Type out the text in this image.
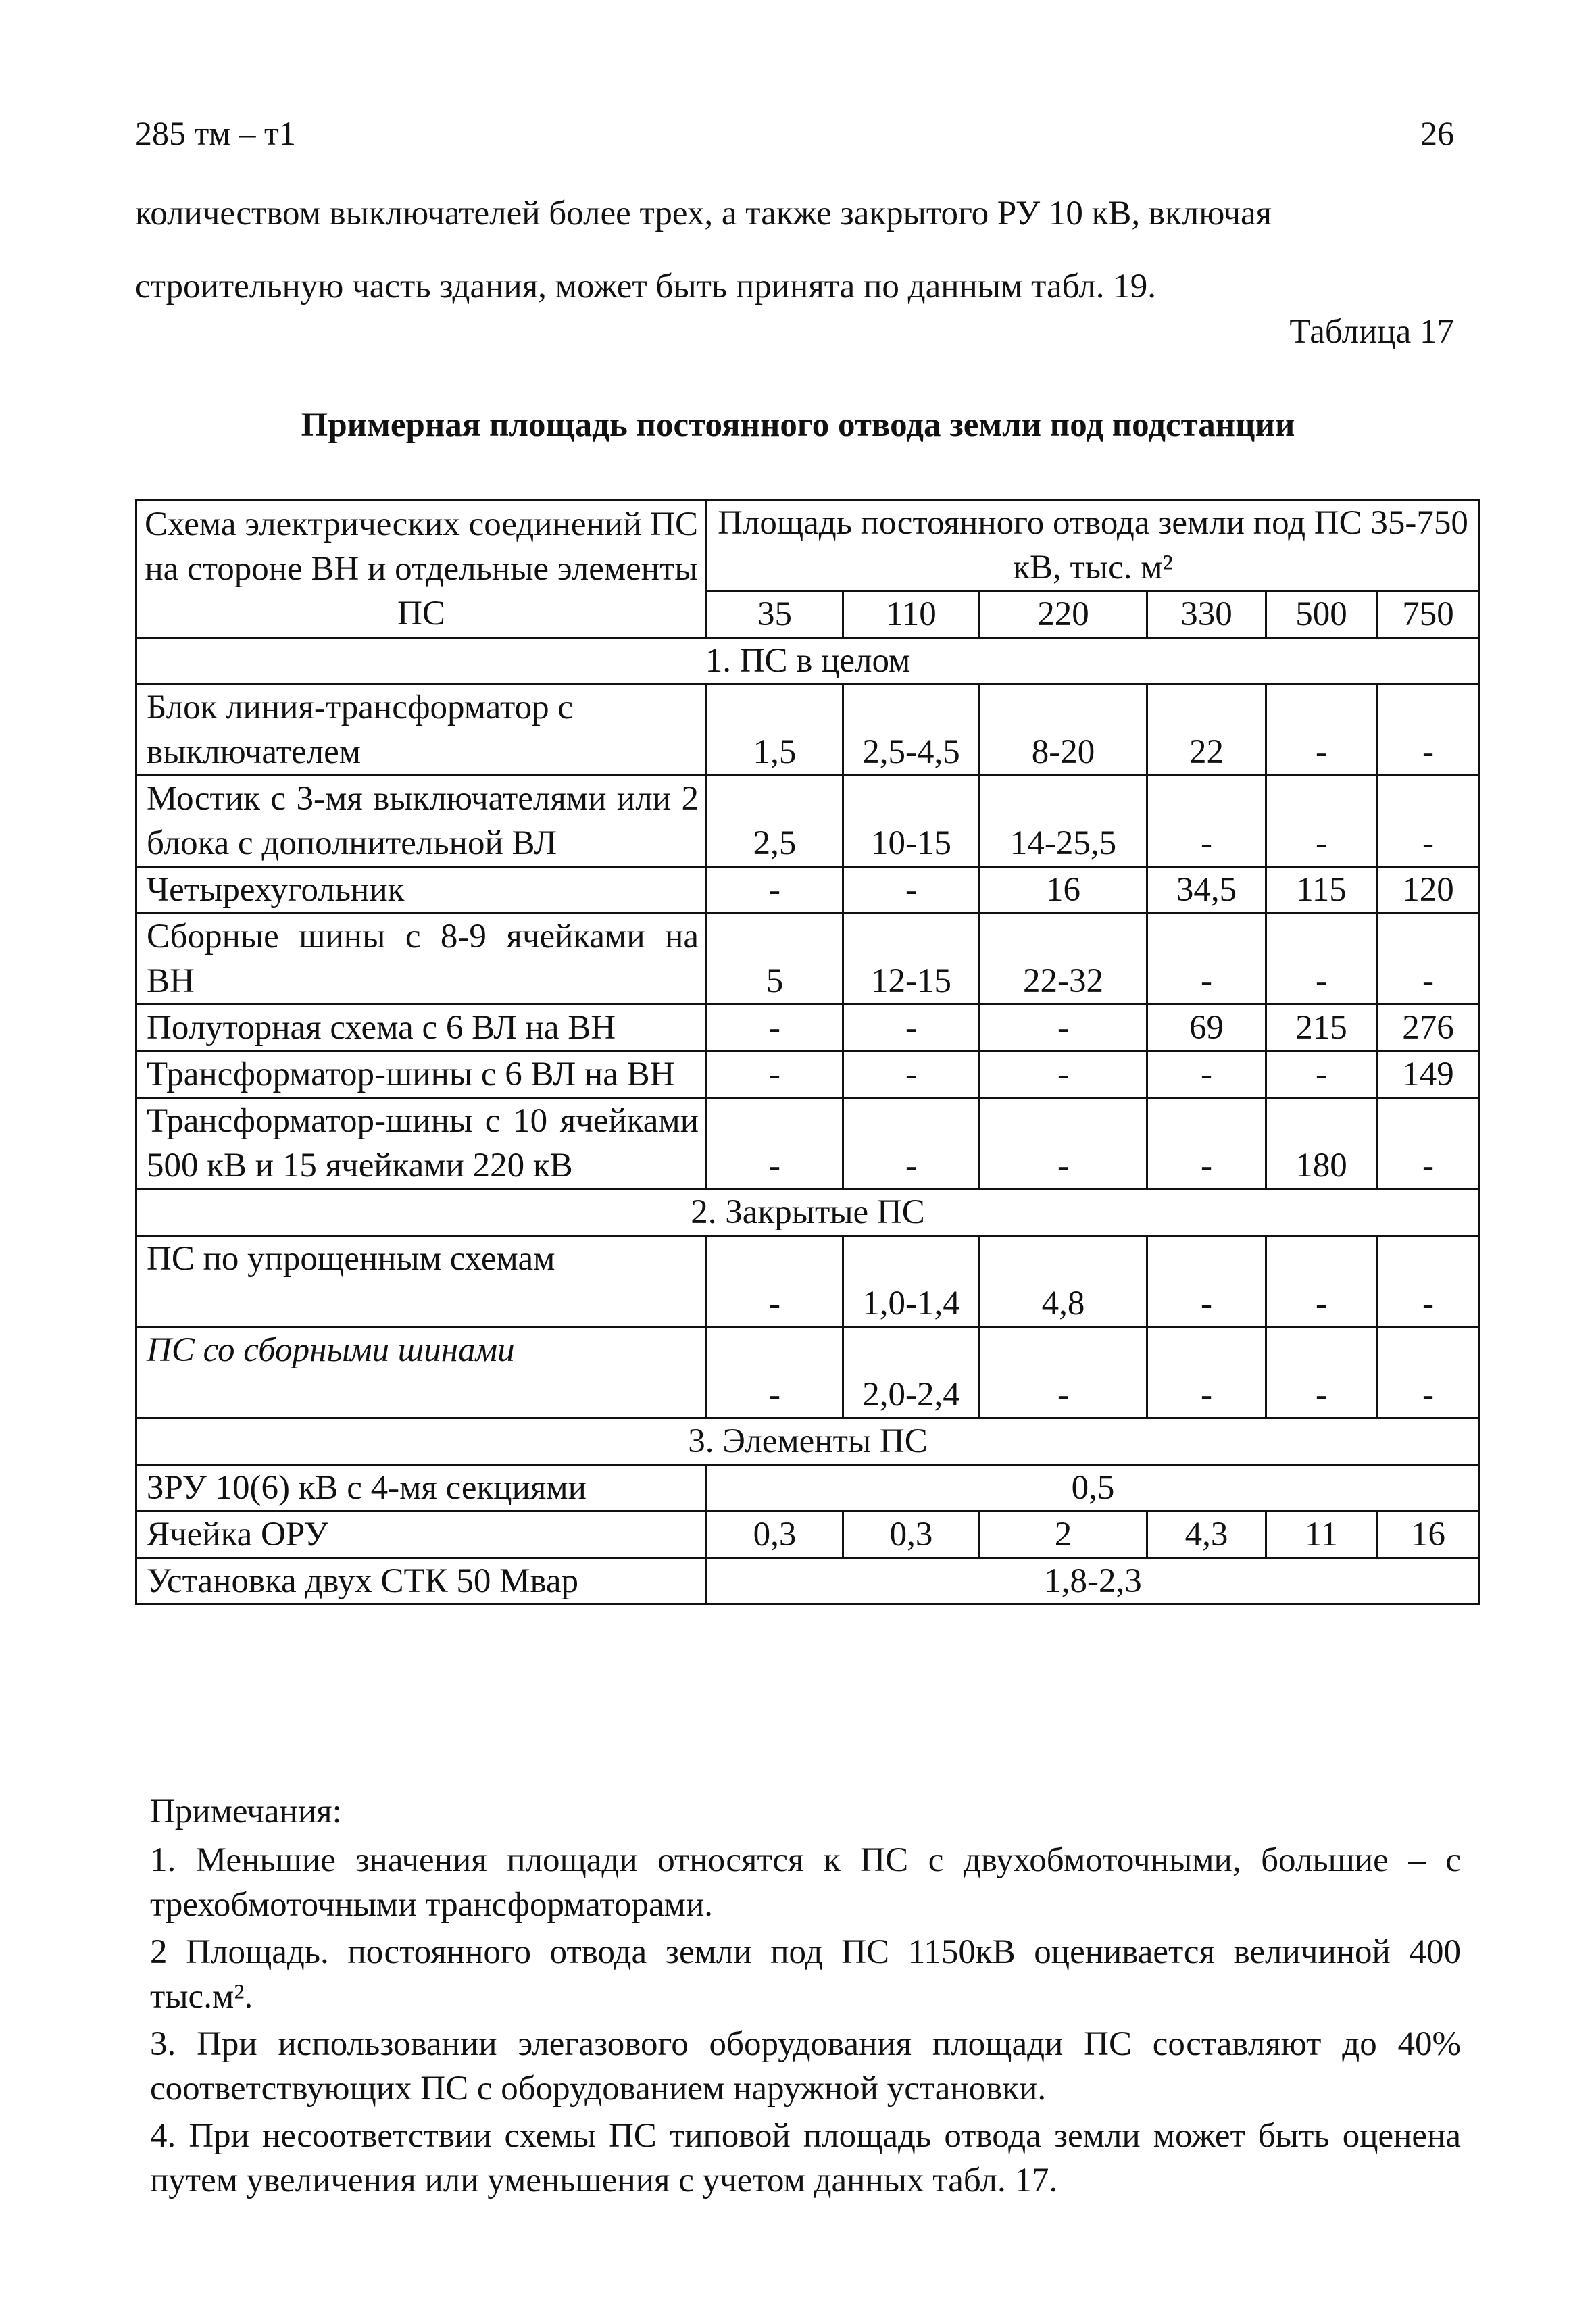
285 тм – т1	26
количеством выключателей более трех, а также закрытого РУ 10 кВ, включая
строительную часть здания, может быть принята по данным табл. 19.
Таблица 17
Примерная площадь постоянного отвода земли под подстанции
Схема электрических соединений ПС на стороне ВН и отдельные элементы ПС	Площадь постоянного отвода земли под ПС 35-750 кВ, тыс. м²					
	35	110	220	330	500	750
1. ПС в целом						
Блок линия-трансформатор с выключателем	1,5	2,5-4,5	8-20	22	-	-
Мостик с 3-мя выключателями или 2 блока с дополнительной ВЛ	2,5	10-15	14-25,5	-	-	-
Четырехугольник	-	-	16	34,5	115	120
Сборные шины с 8-9 ячейками на ВН	5	12-15	22-32	-	-	-
Полуторная схема с 6 ВЛ на ВН	-	-	-	69	215	276
Трансформатор-шины с 6 ВЛ на ВН	-	-	-	-	-	149
Трансформатор-шины с 10 ячейками 500 кВ и 15 ячейками 220 кВ	-	-	-	-	180	-
2. Закрытые ПС						
ПС по упрощенным схемам	-	1,0-1,4	4,8	-	-	-
ПС со сборными шинами	-	2,0-2,4	-	-	-	-
3. Элементы ПС						
ЗРУ 10(6) кВ с 4-мя секциями	0,5					
Ячейка ОРУ	0,3	0,3	2	4,3	11	16
Установка двух СТК 50 Мвар	1,8-2,3					

Примечания:

1. Меньшие значения площади относятся к ПС с двухобмоточными, большие – с трехобмоточными трансформаторами.

2 Площадь. постоянного отвода земли под ПС 1150кВ оценивается величиной 400 тыс.м².

3. При использовании элегазового оборудования площади ПС составляют до 40% соответствующих ПС с оборудованием наружной установки.

4. При несоответствии схемы ПС типовой площадь отвода земли может быть оценена путем увеличения или уменьшения с учетом данных табл. 17.
